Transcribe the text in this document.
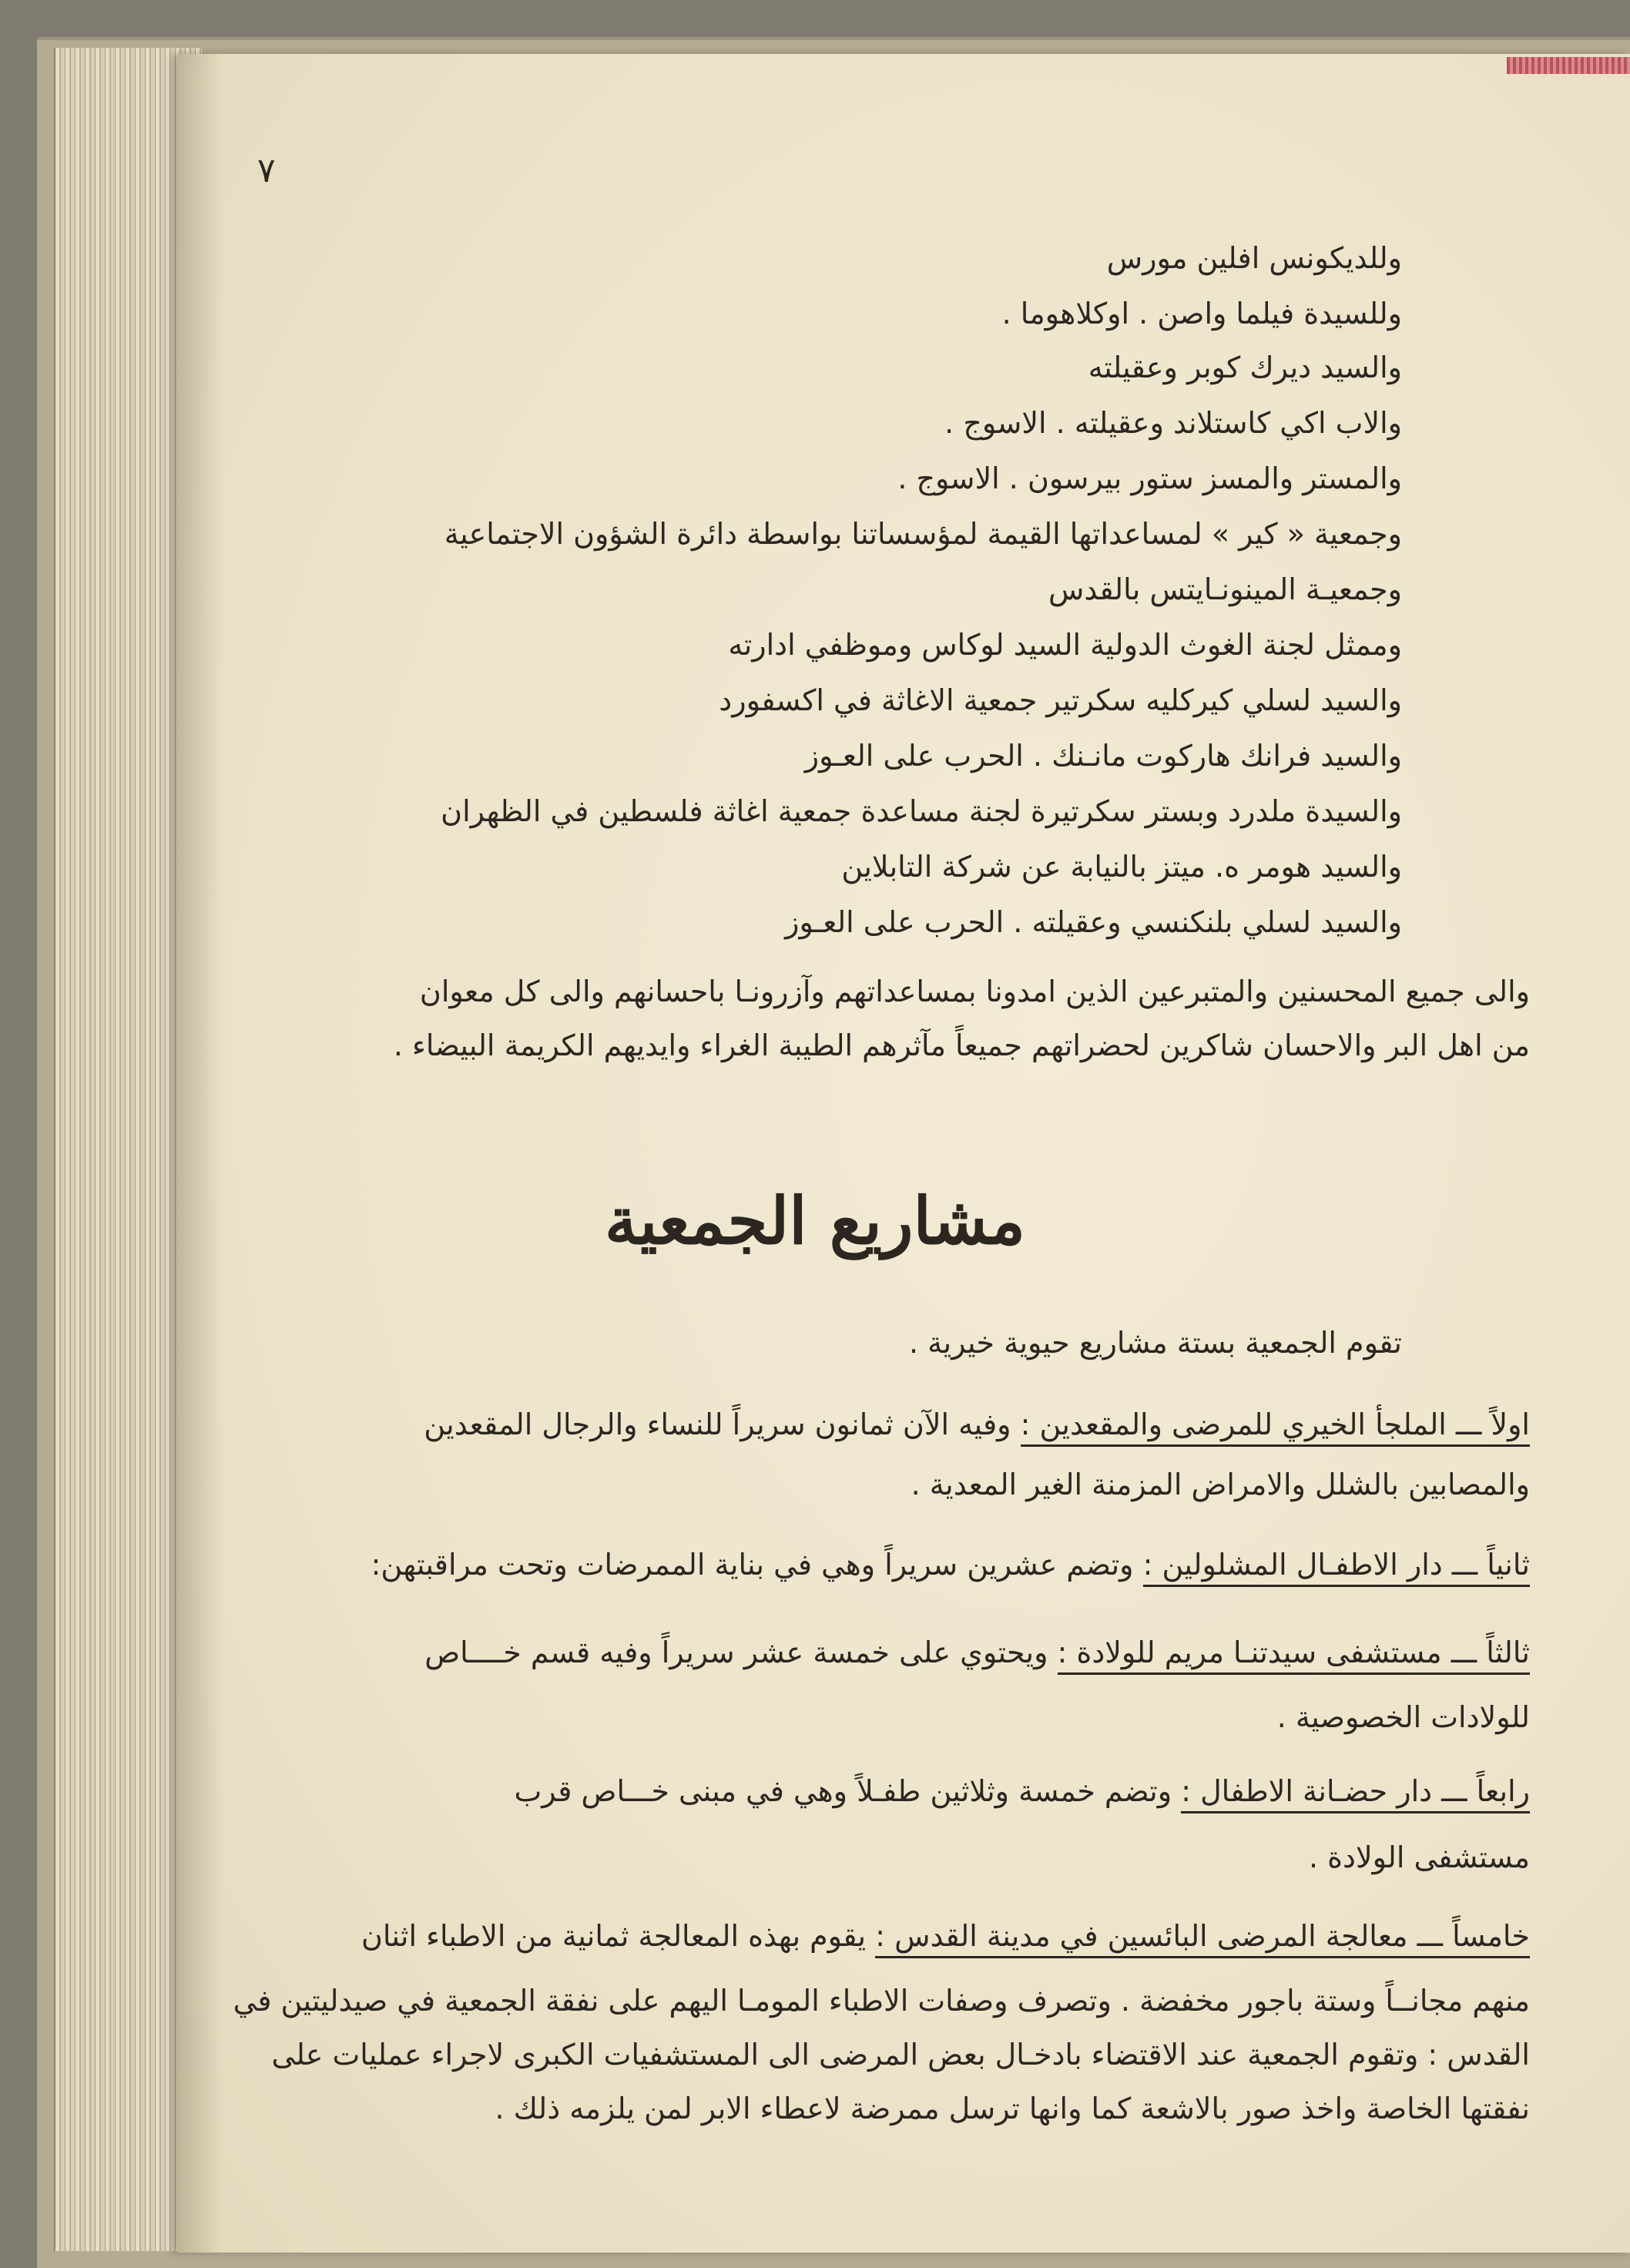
٧
وللديكونس افلين مورس
وللسيدة فيلما واصن . اوكلاهوما .
والسيد ديرك كوبر وعقيلته
والاب اكي كاستلاند وعقيلته . الاسوج .
والمستر والمسز ستور بيرسون . الاسوج .
وجمعية « كير » لمساعداتها القيمة لمؤسساتنا بواسطة دائرة الشؤون الاجتماعية
وجمعيـة المينونـايتس بالقدس
وممثل لجنة الغوث الدولية السيد لوكاس وموظفي ادارته
والسيد لسلي كيركليه سكرتير جمعية الاغاثة في اكسفورد
والسيد فرانك هاركوت مانـنك . الحرب على العـوز
والسيدة ملدرد وبستر سكرتيرة لجنة مساعدة جمعية اغاثة فلسطين في الظهران
والسيد هومر ه. ميتز بالنيابة عن شركة التابلاين
والسيد لسلي بلنكنسي وعقيلته . الحرب على العـوز
والى جميع المحسنين والمتبرعين الذين امدونا بمساعداتهم وآزرونـا باحسانهم والى كل معوان
من اهل البر والاحسان شاكرين لحضراتهم جميعاً مآثرهم الطيبة الغراء وايديهم الكريمة البيضاء .
مشاريع الجمعية
تقوم الجمعية بستة مشاريع حيوية خيرية .
اولاً ـــ الملجأ الخيري للمرضى والمقعدين : وفيه الآن ثمانون سريراً للنساء والرجال المقعدين
والمصابين بالشلل والامراض المزمنة الغير المعدية .
ثانياً ـــ دار الاطفـال المشلولين : وتضم عشرين سريراً وهي في بناية الممرضات وتحت مراقبتهن:
ثالثاً ـــ مستشفى سيدتنـا مريم للولادة : ويحتوي على خمسة عشر سريراً وفيه قسم خــــاص
للولادات الخصوصية .
رابعاً ـــ دار حضـانة الاطفال : وتضم خمسة وثلاثين طفـلاً وهي في مبنى خـــاص قرب
مستشفى الولادة .
خامساً ـــ معالجة المرضى البائسين في مدينة القدس : يقوم بهذه المعالجة ثمانية من الاطباء اثنان
منهم مجانــاً وستة باجور مخفضة . وتصرف وصفات الاطباء المومـا اليهم على نفقة الجمعية في صيدليتين في
القدس : وتقوم الجمعية عند الاقتضاء بادخـال بعض المرضى الى المستشفيات الكبرى لاجراء عمليات على
نفقتها الخاصة واخذ صور بالاشعة كما وانها ترسل ممرضة لاعطاء الابر لمن يلزمه ذلك .
